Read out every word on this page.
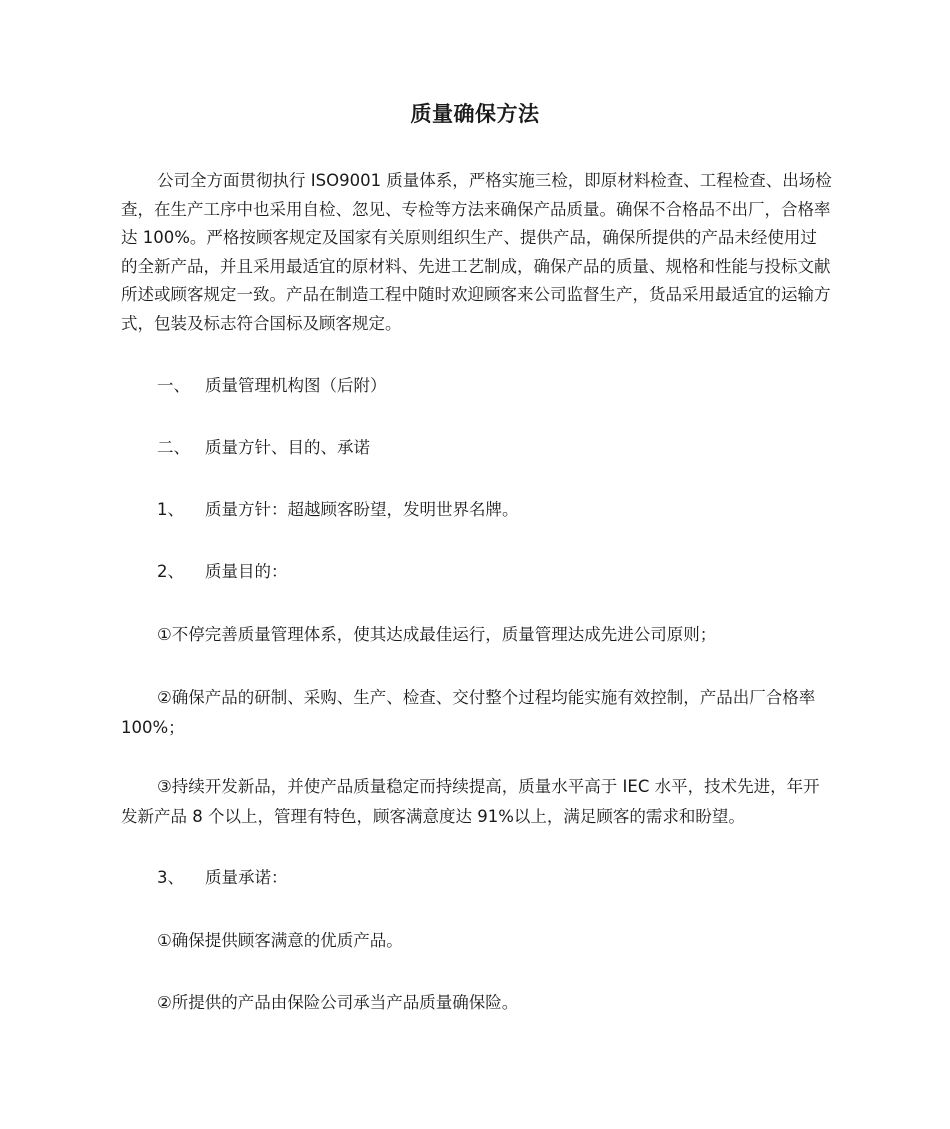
质量确保方法

公司全方面贯彻执行 ISO9001 质量体系，严格实施三检，即原材料检查、工程检查、出场检查，在生产工序中也采用自检、忽见、专检等方法来确保产品质量。确保不合格品不出厂，合格率达 100%。严格按顾客规定及国家有关原则组织生产、提供产品，确保所提供的产品未经使用过的全新产品，并且采用最适宜的原材料、先进工艺制成，确保产品的质量、规格和性能与投标文献所述或顾客规定一致。产品在制造工程中随时欢迎顾客来公司监督生产，货品采用最适宜的运输方式，包装及标志符合国标及顾客规定。

一、 质量管理机构图（后附）
二、 质量方针、目的、承诺
1、 质量方针：超越顾客盼望，发明世界名牌。
2、 质量目的：

①不停完善质量管理体系，使其达成最佳运行，质量管理达成先进公司原则；

②确保产品的研制、采购、生产、检查、交付整个过程均能实施有效控制，产品出厂合格率 100%；

③持续开发新品，并使产品质量稳定而持续提高，质量水平高于 IEC 水平，技术先进，年开发新产品 8 个以上，管理有特色，顾客满意度达 91%以上，满足顾客的需求和盼望。

3、 质量承诺：

①确保提供顾客满意的优质产品。

②所提供的产品由保险公司承当产品质量确保险。
